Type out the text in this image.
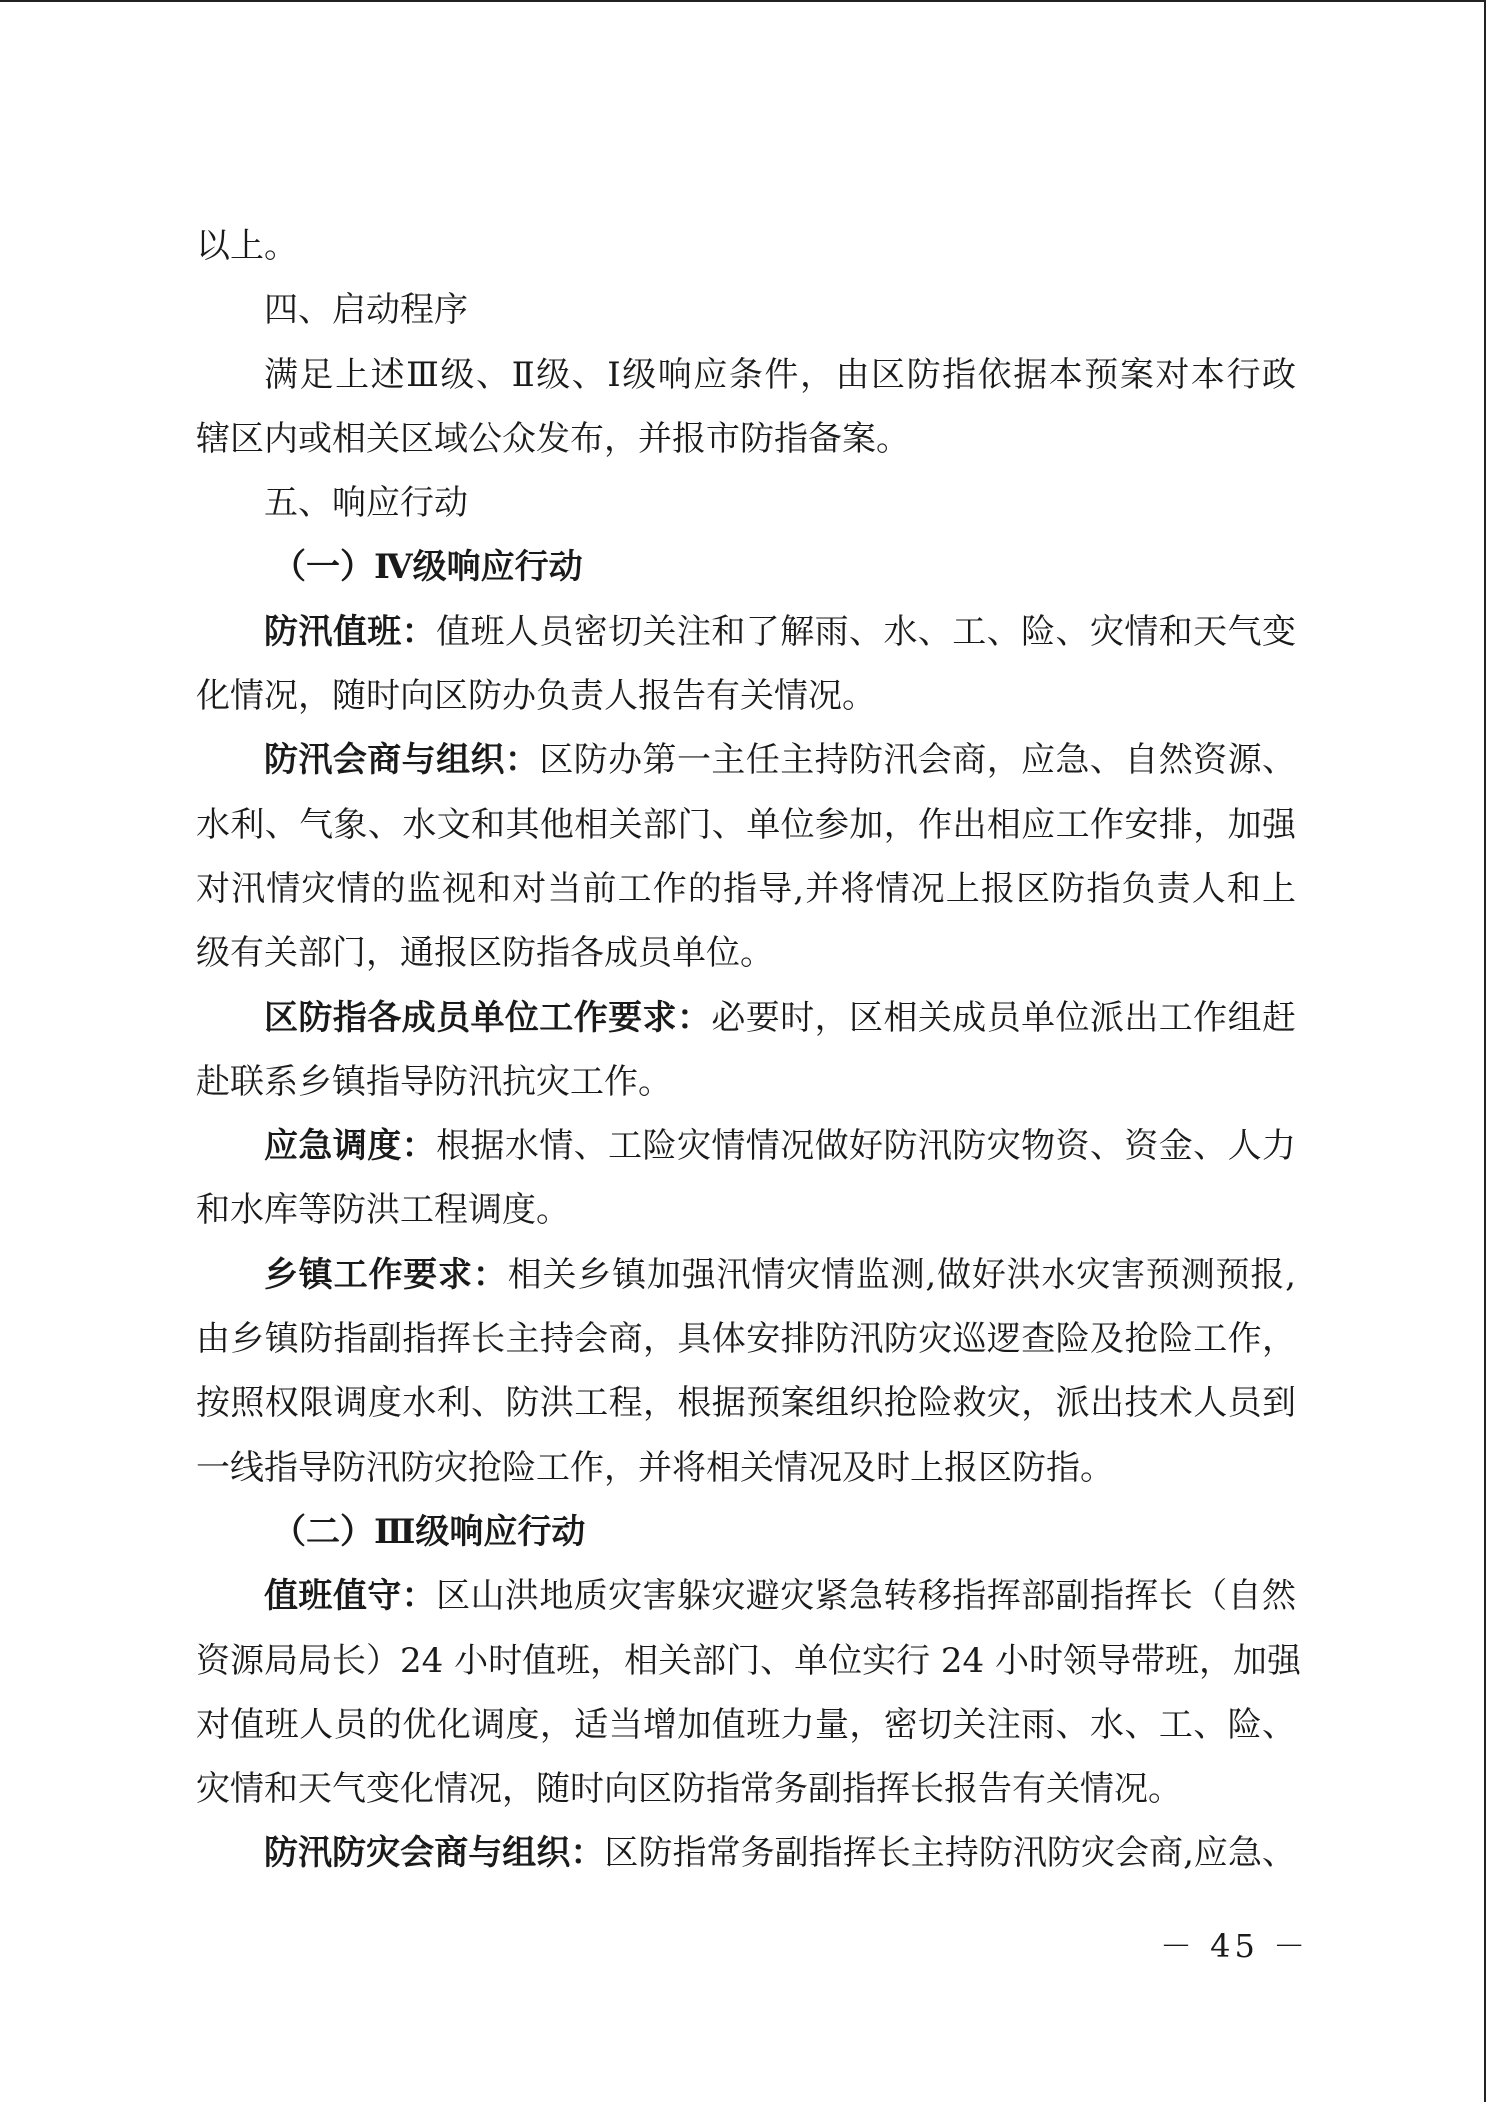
以上。
四、启动程序
满足上述Ⅲ级、Ⅱ级、Ⅰ级响应条件，由区防指依据本预案对本行政
辖区内或相关区域公众发布，并报市防指备案。
五、响应行动
（一）Ⅳ级响应行动
防汛值班：值班人员密切关注和了解雨、水、工、险、灾情和天气变
化情况，随时向区防办负责人报告有关情况。
防汛会商与组织：区防办第一主任主持防汛会商，应急、自然资源、
水利、气象、水文和其他相关部门、单位参加，作出相应工作安排，加强
对汛情灾情的监视和对当前工作的指导,并将情况上报区防指负责人和上
级有关部门，通报区防指各成员单位。
区防指各成员单位工作要求：必要时，区相关成员单位派出工作组赶
赴联系乡镇指导防汛抗灾工作。
应急调度：根据水情、工险灾情情况做好防汛防灾物资、资金、人力
和水库等防洪工程调度。
乡镇工作要求：相关乡镇加强汛情灾情监测,做好洪水灾害预测预报,
由乡镇防指副指挥长主持会商，具体安排防汛防灾巡逻查险及抢险工作，
按照权限调度水利、防洪工程，根据预案组织抢险救灾，派出技术人员到
一线指导防汛防灾抢险工作，并将相关情况及时上报区防指。
（二）Ⅲ级响应行动
值班值守：区山洪地质灾害躲灾避灾紧急转移指挥部副指挥长（自然
资源局局长）24 小时值班，相关部门、单位实行 24 小时领导带班，加强
对值班人员的优化调度，适当增加值班力量，密切关注雨、水、工、险、
灾情和天气变化情况，随时向区防指常务副指挥长报告有关情况。
防汛防灾会商与组织：区防指常务副指挥长主持防汛防灾会商,应急、
－ 45 －
